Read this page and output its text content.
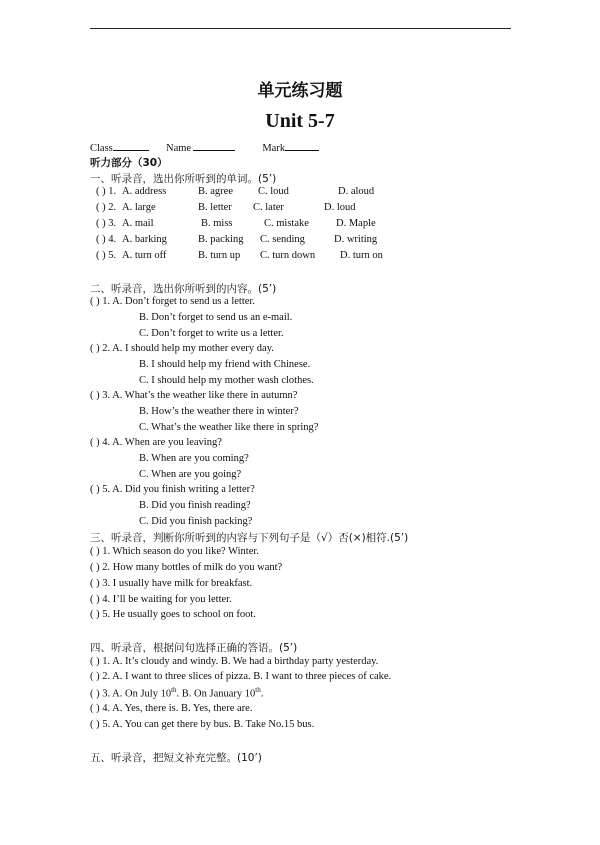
单元练习题
Unit 5-7
Class	Name	Mark
听力部分（30）
一、听录音，选出你所听到的单词。(5’)
( ) 1. A. address	B. agree C. loud	D. aloud
( ) 2. A. large	B. letter C. later	D. loud
( ) 3. A. mail	B. miss	C. mistake	D. Maple
( ) 4. A. barking	B. packing C. sending	D. writing
( ) 5. A. turn off	B. turn up C. turn down D. turn on
二、听录音，选出你所听到的内容。(5’)
( ) 1. A. Don’t forget to send us a letter.
B. Don’t forget to send us an e-mail.
C. Don’t forget to write us a letter.
( ) 2. A. I should help my mother every day.
B. I should help my friend with Chinese.
C. I should help my mother wash clothes.
( ) 3. A. What’s the weather like there in autumn?
B. How’s the weather there in winter?
C. What’s the weather like there in spring?
( ) 4. A. When are you leaving?
B. When are you coming?
C. When are you going?
( ) 5. A. Did you finish writing a letter?
B. Did you finish reading?
C. Did you finish packing?
三、听录音，判断你所听到的内容与下列句子是（√）否(×)相符.(5’)
( ) 1. Which season do you like? Winter.
( ) 2. How many bottles of milk do you want?
( ) 3. I usually have milk for breakfast.
( ) 4. I’ll be waiting for you letter.
( ) 5. He usually goes to school on foot.
四、听录音，根据问句选择正确的答语。(5’)
( ) 1. A. It’s cloudy and windy. B. We had a birthday party yesterday.
( ) 2. A. I want to three slices of pizza. B. I want to three pieces of cake.
( ) 3. A. On July 10th. B. On January 10th.
( ) 4. A. Yes, there is. B. Yes, there are.
( ) 5. A. You can get there by bus. B. Take No.15 bus.
五、听录音，把短文补充完整。(10’)
